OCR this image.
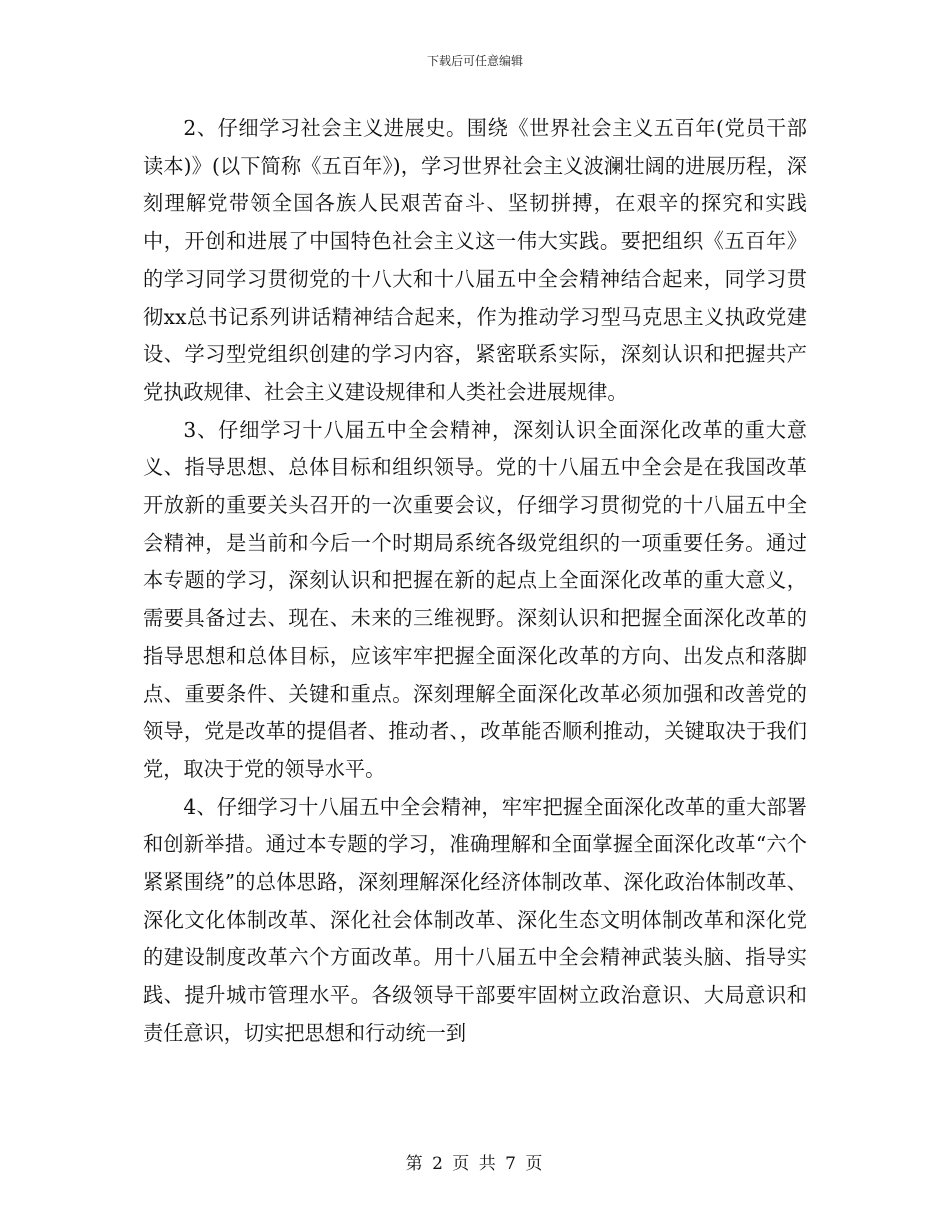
下载后可任意编辑

2、仔细学习社会主义进展史。围绕《世界社会主义五百年(党员干部读本)》(以下简称《五百年》)，学习世界社会主义波澜壮阔的进展历程，深刻理解党带领全国各族人民艰苦奋斗、坚韧拼搏，在艰辛的探究和实践中，开创和进展了中国特色社会主义这一伟大实践。要把组织《五百年》的学习同学习贯彻党的十八大和十八届五中全会精神结合起来，同学习贯彻xx总书记系列讲话精神结合起来，作为推动学习型马克思主义执政党建设、学习型党组织创建的学习内容，紧密联系实际，深刻认识和把握共产党执政规律、社会主义建设规律和人类社会进展规律。

3、仔细学习十八届五中全会精神，深刻认识全面深化改革的重大意义、指导思想、总体目标和组织领导。党的十八届五中全会是在我国改革开放新的重要关头召开的一次重要会议，仔细学习贯彻党的十八届五中全会精神，是当前和今后一个时期局系统各级党组织的一项重要任务。通过本专题的学习，深刻认识和把握在新的起点上全面深化改革的重大意义，需要具备过去、现在、未来的三维视野。深刻认识和把握全面深化改革的指导思想和总体目标，应该牢牢把握全面深化改革的方向、出发点和落脚点、重要条件、关键和重点。深刻理解全面深化改革必须加强和改善党的领导，党是改革的提倡者、推动者、，改革能否顺利推动，关键取决于我们党，取决于党的领导水平。

4、仔细学习十八届五中全会精神，牢牢把握全面深化改革的重大部署和创新举措。通过本专题的学习，准确理解和全面掌握全面深化改革“六个紧紧围绕”的总体思路，深刻理解深化经济体制改革、深化政治体制改革、深化文化体制改革、深化社会体制改革、深化生态文明体制改革和深化党的建设制度改革六个方面改革。用十八届五中全会精神武装头脑、指导实践、提升城市管理水平。各级领导干部要牢固树立政治意识、大局意识和责任意识，切实把思想和行动统一到

第 2 页 共 7 页
